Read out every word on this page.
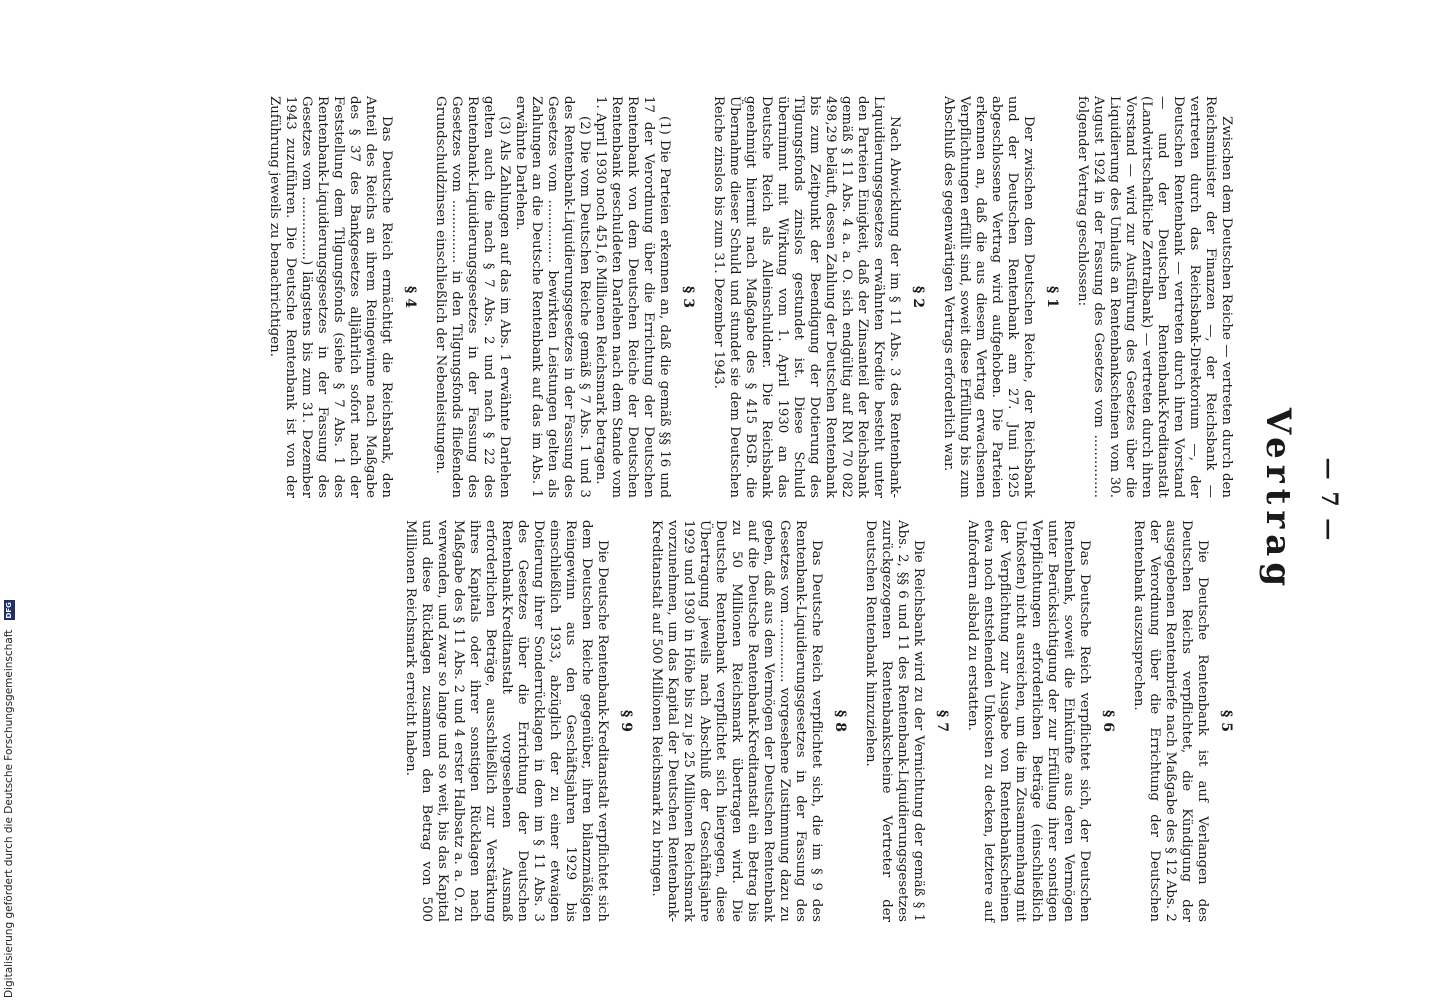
— 7 —
Vertrag

Zwischen dem Deutschen Reiche — vertreten durch den Reichsminister der Finanzen —, der Reichsbank — vertreten durch das Reichsbank-Direktorium —, der Deutschen Rentenbank — vertreten durch ihren Vorstand — und der Deutschen Rentenbank-Kreditanstalt (Landwirtschaftliche Zentralbank) — vertreten durch ihren Vorstand — wird zur Ausführung des Gesetzes über die Liquidierung des Umlaufs an Rentenbankscheinen vom 30. August 1924 in der Fassung des Gesetzes vom ............... folgender Vertrag geschlossen:

§ 1

Der zwischen dem Deutschen Reiche, der Reichsbank und der Deutschen Rentenbank am 27. Juni 1925 abgeschlossene Vertrag wird aufgehoben. Die Parteien erkennen an, daß die aus diesem Vertrag erwachsenen Verpflichtungen erfüllt sind, soweit diese Erfüllung bis zum Abschluß des gegenwärtigen Vertrags erforderlich war.

§ 2

Nach Abwicklung der im § 11 Abs. 3 des Rentenbank-Liquidierungsgesetzes erwähnten Kredite besteht unter den Parteien Einigkeit, daß der Zinsanteil der Reichsbank gemäß § 11 Abs. 4 a. a. O. sich endgültig auf RM 70 082 498,29 beläuft, dessen Zahlung der Deutschen Rentenbank bis zum Zeitpunkt der Beendigung der Dotierung des Tilgungsfonds zinslos gestundet ist. Diese Schuld übernimmt mit Wirkung vom 1. April 1930 an das Deutsche Reich als Alleinschuldner. Die Reichsbank genehmigt hiermit nach Maßgabe des § 415 BGB. die Übernahme dieser Schuld und stundet sie dem Deutschen Reiche zinslos bis zum 31. Dezember 1943.

§ 3

(1) Die Parteien erkennen an, daß die gemäß §§ 16 und 17 der Verordnung über die Errichtung der Deutschen Rentenbank von dem Deutschen Reiche der Deutschen Rentenbank geschuldeten Darlehen nach dem Stande vom 1. April 1930 noch 451,6 Millionen Reichsmark betragen.

(2) Die vom Deutschen Reiche gemäß § 7 Abs. 1 und 3 des Rentenbank-Liquidierungsgesetzes in der Fassung des Gesetzes vom ............... bewirkten Leistungen gelten als Zahlungen an die Deutsche Rentenbank auf das im Abs. 1 erwähnte Darlehen.

(3) Als Zahlungen auf das im Abs. 1 erwähnte Darlehen gelten auch die nach § 7 Abs. 2 und nach § 22 des Rentenbank-Liquidierungsgesetzes in der Fassung des Gesetzes vom ............... in den Tilgungsfonds fließenden Grundschuldzinsen einschließlich der Nebenleistungen.

§ 4

Das Deutsche Reich ermächtigt die Reichsbank, den Anteil des Reichs an ihrem Reingewinne nach Maßgabe des § 37 des Bankgesetzes alljährlich sofort nach der Feststellung dem Tilgungsfonds (siehe § 7 Abs. 1 des Rentenbank-Liquidierungsgesetzes in der Fassung des Gesetzes vom ...............) längstens bis zum 31. Dezember 1943 zuzuführen. Die Deutsche Rentenbank ist von der Zuführung jeweils zu benachrichtigen.

§ 5

Die Deutsche Rentenbank ist auf Verlangen des Deutschen Reichs verpflichtet, die Kündigung der ausgegebenen Rentenbriefe nach Maßgabe des § 12 Abs. 2 der Verordnung über die Errichtung der Deutschen Rentenbank auszusprechen.

§ 6

Das Deutsche Reich verpflichtet sich, der Deutschen Rentenbank, soweit die Einkünfte aus deren Vermögen unter Berücksichtigung der zur Erfüllung ihrer sonstigen Verpflichtungen erforderlichen Beträge (einschließlich Unkosten) nicht ausreichen, um die im Zusammenhang mit der Verpflichtung zur Ausgabe von Rentenbankscheinen etwa noch entstehenden Unkosten zu decken, letztere auf Anfordern alsbald zu erstatten.

§ 7

Die Reichsbank wird zu der Vernichtung der gemäß § 1 Abs. 2, §§ 6 und 11 des Rentenbank-Liquidierungsgesetzes zurückgezogenen Rentenbankscheine Vertreter der Deutschen Rentenbank hinzuziehen.

§ 8

Das Deutsche Reich verpflichtet sich, die im § 9 des Rentenbank-Liquidierungsgesetzes in der Fassung des Gesetzes vom ............... vorgesehene Zustimmung dazu zu geben, daß aus dem Vermögen der Deutschen Rentenbank auf die Deutsche Rentenbank-Kreditanstalt ein Betrag bis zu 50 Millionen Reichsmark übertragen wird. Die Deutsche Rentenbank verpflichtet sich hiergegen, diese Übertragung jeweils nach Abschluß der Geschäftsjahre 1929 und 1930 in Höhe bis zu je 25 Millionen Reichsmark vorzunehmen, um das Kapital der Deutschen Rentenbank-Kreditanstalt auf 500 Millionen Reichsmark zu bringen.

§ 9

Die Deutsche Rentenbank-Kreditanstalt verpflichtet sich dem Deutschen Reiche gegenüber, ihren bilanzmäßigen Reingewinn aus den Geschäftsjahren 1929 bis einschließlich 1933, abzüglich der zu einer etwaigen Dotierung ihrer Sonderrücklagen in dem im § 11 Abs. 3 des Gesetzes über die Errichtung der Deutschen Rentenbank-Kreditanstalt vorgesehenen Ausmaß erforderlichen Beträge, ausschließlich zur Verstärkung ihres Kapitals oder ihrer sonstigen Rücklagen nach Maßgabe des § 11 Abs. 2 und 4 erster Halbsatz a. a. O. zu verwenden, und zwar so lange und so weit, bis das Kapital und diese Rücklagen zusammen den Betrag von 500 Millionen Reichsmark erreicht haben.

Digitalisierung gefördert durch die Deutsche Forschungsgemeinschaft DFG
